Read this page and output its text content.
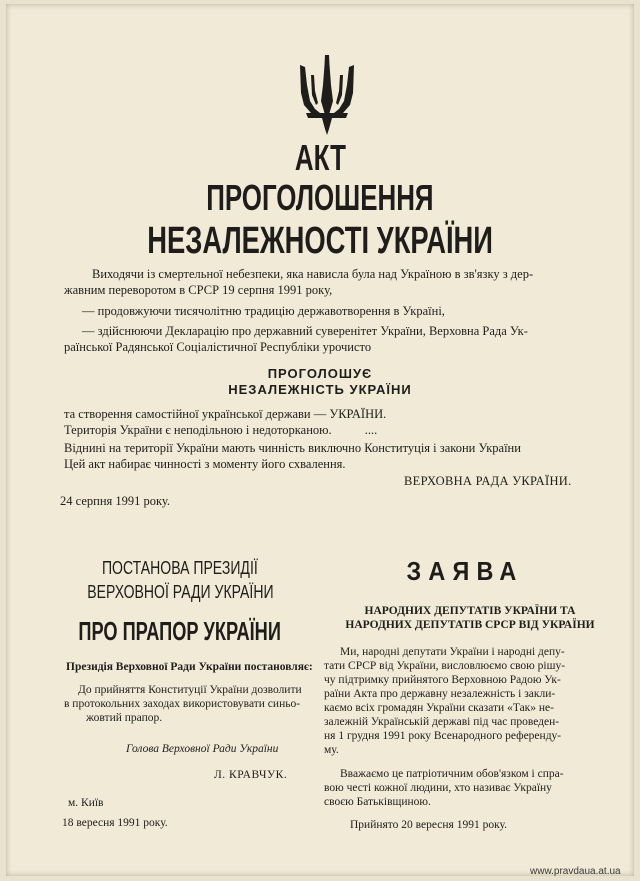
АКТ
ПРОГОЛОШЕННЯ
НЕЗАЛЕЖНОСТІ УКРАЇНИ
Виходячи із смертельної небезпеки, яка нависла була над Україною в зв'язку з дер-
жавним переворотом в СРСР 19 серпня 1991 року,
— продовжуючи тисячолітню традицію державотворення в Україні,
— здійснюючи Декларацію про державний суверенітет України, Верховна Рада Ук-
раїнської Радянської Соціалістичної Республіки урочисто
ПРОГОЛОШУЄ
НЕЗАЛЕЖНІСТЬ УКРАЇНИ
та створення самостійної української держави — УКРАЇНИ.
Територія України є неподільною і недоторканою.	....
Віднині на території України мають чинність виключно Конституція і закони України
Цей акт набирає чинності з моменту його схвалення.
ВЕРХОВНА РАДА УКРАЇНИ.
24 серпня 1991 року.
ПОСТАНОВА ПРЕЗИДІЇ
ВЕРХОВНОЇ РАДИ УКРАЇНИ
ПРО ПРАПОР УКРАЇНИ
Президія Верховної Ради України постановляє:
До прийняття Конституції України дозволити
в протокольних заходах використовувати синьо-
жовтий прапор.
Голова Верховної Ради України
Л. КРАВЧУК.
м. Київ
18 вересня 1991 року.
ЗАЯВА
НАРОДНИХ ДЕПУТАТІВ УКРАЇНИ ТА
НАРОДНИХ ДЕПУТАТІВ СРСР ВІД УКРАЇНИ
Ми, народні депутати України і народні депу-
тати СРСР від України, висловлюємо свою рішу-
чу підтримку прийнятого Верховною Радою Ук-
раїни Акта про державну незалежність і закли-
каємо всіх громадян України сказати «Так» не-
залежній Українській державі під час проведен-
ня 1 грудня 1991 року Всенародного референду-
му.
Вважаємо це патріотичним обов'язком і спра-
вою честі кожної людини, хто називає Україну
своєю Батьківщиною.
Прийнято 20 вересня 1991 року.
www.pravdaua.at.ua
